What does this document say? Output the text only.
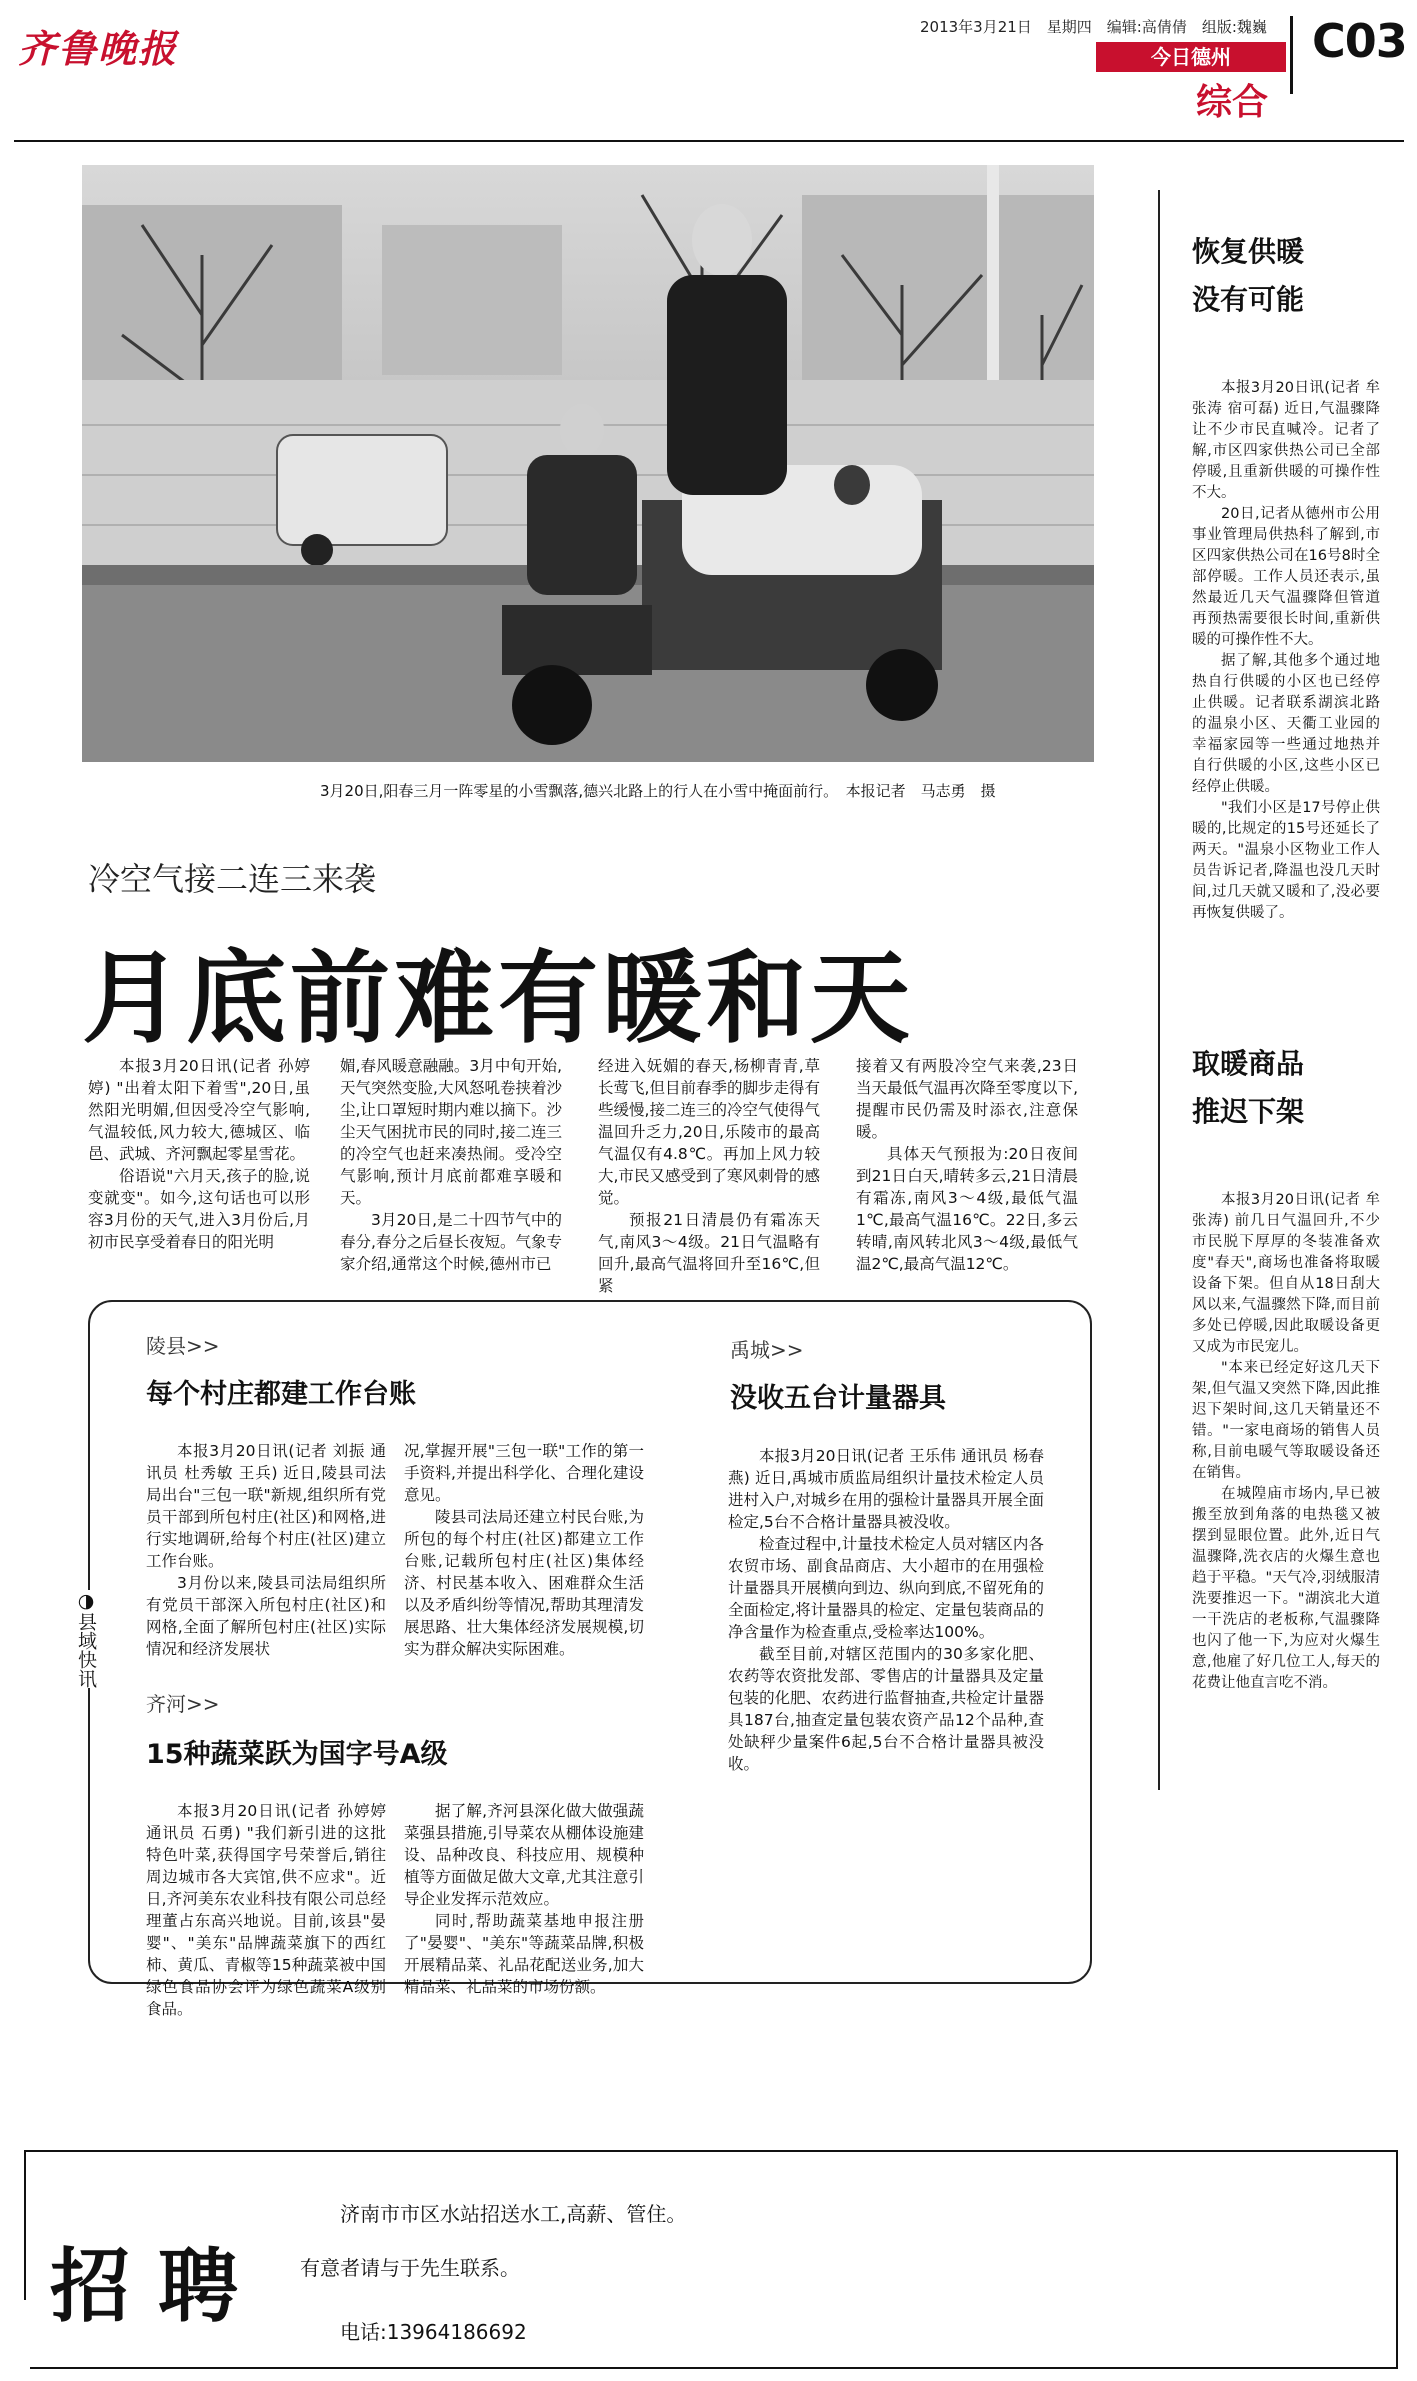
齐鲁晚报	2013年3月21日　星期四　编辑:高倩倩　组版:魏巍
今日德州
综合
C03
3月20日,阳春三月一阵零星的小雪飘落,德兴北路上的行人在小雪中掩面前行。　本报记者　马志勇　摄
冷空气接二连三来袭
月底前难有暖和天

本报3月20日讯(记者 孙婷婷) "出着太阳下着雪",20日,虽然阳光明媚,但因受冷空气影响,气温较低,风力较大,德城区、临邑、武城、齐河飘起零星雪花。

俗语说"六月天,孩子的脸,说变就变"。如今,这句话也可以形容3月份的天气,进入3月份后,月初市民享受着春日的阳光明

媚,春风暖意融融。3月中旬开始,天气突然变脸,大风怒吼卷挟着沙尘,让口罩短时期内难以摘下。沙尘天气困扰市民的同时,接二连三的冷空气也赶来凑热闹。受冷空气影响,预计月底前都难享暖和天。

3月20日,是二十四节气中的春分,春分之后昼长夜短。气象专家介绍,通常这个时候,德州市已

经进入妩媚的春天,杨柳青青,草长莺飞,但目前春季的脚步走得有些缓慢,接二连三的冷空气使得气温回升乏力,20日,乐陵市的最高气温仅有4.8℃。再加上风力较大,市民又感受到了寒风刺骨的感觉。

预报21日清晨仍有霜冻天气,南风3～4级。21日气温略有回升,最高气温将回升至16℃,但紧

接着又有两股冷空气来袭,23日当天最低气温再次降至零度以下,提醒市民仍需及时添衣,注意保暖。

具体天气预报为:20日夜间到21日白天,晴转多云,21日清晨有霜冻,南风3～4级,最低气温1℃,最高气温16℃。22日,多云转晴,南风转北风3～4级,最低气温2℃,最高气温12℃。

◑县域快讯
陵县>>
每个村庄都建工作台账

本报3月20日讯(记者 刘振 通讯员 杜秀敏 王兵) 近日,陵县司法局出台"三包一联"新规,组织所有党员干部到所包村庄(社区)和网格,进行实地调研,给每个村庄(社区)建立工作台账。

3月份以来,陵县司法局组织所有党员干部深入所包村庄(社区)和网格,全面了解所包村庄(社区)实际情况和经济发展状

况,掌握开展"三包一联"工作的第一手资料,并提出科学化、合理化建设意见。

陵县司法局还建立村民台账,为所包的每个村庄(社区)都建立工作台账,记载所包村庄(社区)集体经济、村民基本收入、困难群众生活以及矛盾纠纷等情况,帮助其理清发展思路、壮大集体经济发展规模,切实为群众解决实际困难。

禹城>>
没收五台计量器具

本报3月20日讯(记者 王乐伟 通讯员 杨春燕) 近日,禹城市质监局组织计量技术检定人员进村入户,对城乡在用的强检计量器具开展全面检定,5台不合格计量器具被没收。

检查过程中,计量技术检定人员对辖区内各农贸市场、副食品商店、大小超市的在用强检计量器具开展横向到边、纵向到底,不留死角的全面检定,将计量器具的检定、定量包装商品的净含量作为检查重点,受检率达100%。

截至目前,对辖区范围内的30多家化肥、农药等农资批发部、零售店的计量器具及定量包装的化肥、农药进行监督抽查,共检定计量器具187台,抽查定量包装农资产品12个品种,查处缺秤少量案件6起,5台不合格计量器具被没收。

齐河>>
15种蔬菜跃为国字号A级

本报3月20日讯(记者 孙婷婷 通讯员 石勇) "我们新引进的这批特色叶菜,获得国字号荣誉后,销往周边城市各大宾馆,供不应求"。近日,齐河美东农业科技有限公司总经理董占东高兴地说。目前,该县"晏婴"、"美东"品牌蔬菜旗下的西红柿、黄瓜、青椒等15种蔬菜被中国绿色食品协会评为绿色蔬菜A级别食品。

据了解,齐河县深化做大做强蔬菜强县措施,引导菜农从棚体设施建设、品种改良、科技应用、规模种植等方面做足做大文章,尤其注意引导企业发挥示范效应。

同时,帮助蔬菜基地申报注册了"晏婴"、"美东"等蔬菜品牌,积极开展精品菜、礼品花配送业务,加大精品菜、礼品菜的市场份额。

恢复供暖
没有可能

本报3月20日讯(记者 牟张涛 宿可磊) 近日,气温骤降让不少市民直喊冷。记者了解,市区四家供热公司已全部停暖,且重新供暖的可操作性不大。

20日,记者从德州市公用事业管理局供热科了解到,市区四家供热公司在16号8时全部停暖。工作人员还表示,虽然最近几天气温骤降但管道再预热需要很长时间,重新供暖的可操作性不大。

据了解,其他多个通过地热自行供暖的小区也已经停止供暖。记者联系湖滨北路的温泉小区、天衢工业园的幸福家园等一些通过地热并自行供暖的小区,这些小区已经停止供暖。

"我们小区是17号停止供暖的,比规定的15号还延长了两天。"温泉小区物业工作人员告诉记者,降温也没几天时间,过几天就又暖和了,没必要再恢复供暖了。

取暖商品
推迟下架

本报3月20日讯(记者 牟张涛) 前几日气温回升,不少市民脱下厚厚的冬装准备欢度"春天",商场也准备将取暖设备下架。但自从18日刮大风以来,气温骤然下降,而目前多处已停暖,因此取暖设备更又成为市民宠儿。

"本来已经定好这几天下架,但气温又突然下降,因此推迟下架时间,这几天销量还不错。"一家电商场的销售人员称,目前电暖气等取暖设备还在销售。

在城隍庙市场内,早已被搬至放到角落的电热毯又被摆到显眼位置。此外,近日气温骤降,洗衣店的火爆生意也趋于平稳。"天气冷,羽绒服清洗要推迟一下。"湖滨北大道一干洗店的老板称,气温骤降也闪了他一下,为应对火爆生意,他雇了好几位工人,每天的花费让他直言吃不消。

招聘
济南市市区水站招送水工,高薪、管住。
有意者请与于先生联系。
电话:13964186692
